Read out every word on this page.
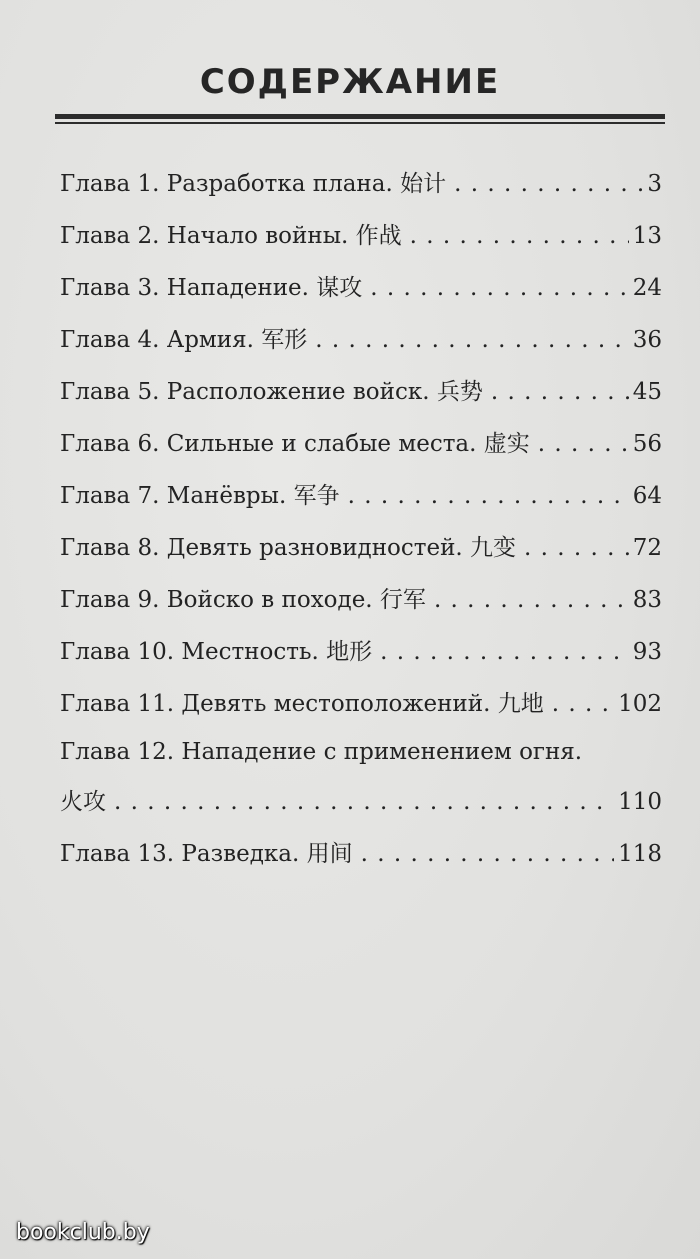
СОДЕРЖАНИЕ
Глава 1. Разработка плана. 始计 . . .	3
Глава 2. Начало войны. 作战 . . .	13
Глава 3. Нападение. 谋攻 . . .	24
Глава 4. Армия. 军形 . . .	36
Глава 5. Расположение войск. 兵势 . . .	45
Глава 6. Сильные и слабые места. 虚实 . . .	56
Глава 7. Манёвры. 军争 . . .	64
Глава 8. Девять разновидностей. 九变 . . .	72
Глава 9. Войско в походе. 行军 . . .	83
Глава 10. Местность. 地形 . . .	93
Глава 11. Девять местоположений. 九地 . . .	102
Глава 12. Нападение с применением огня.
火攻 . . .	110
Глава 13. Разведка. 用间 . . .	118
bookclub.by
